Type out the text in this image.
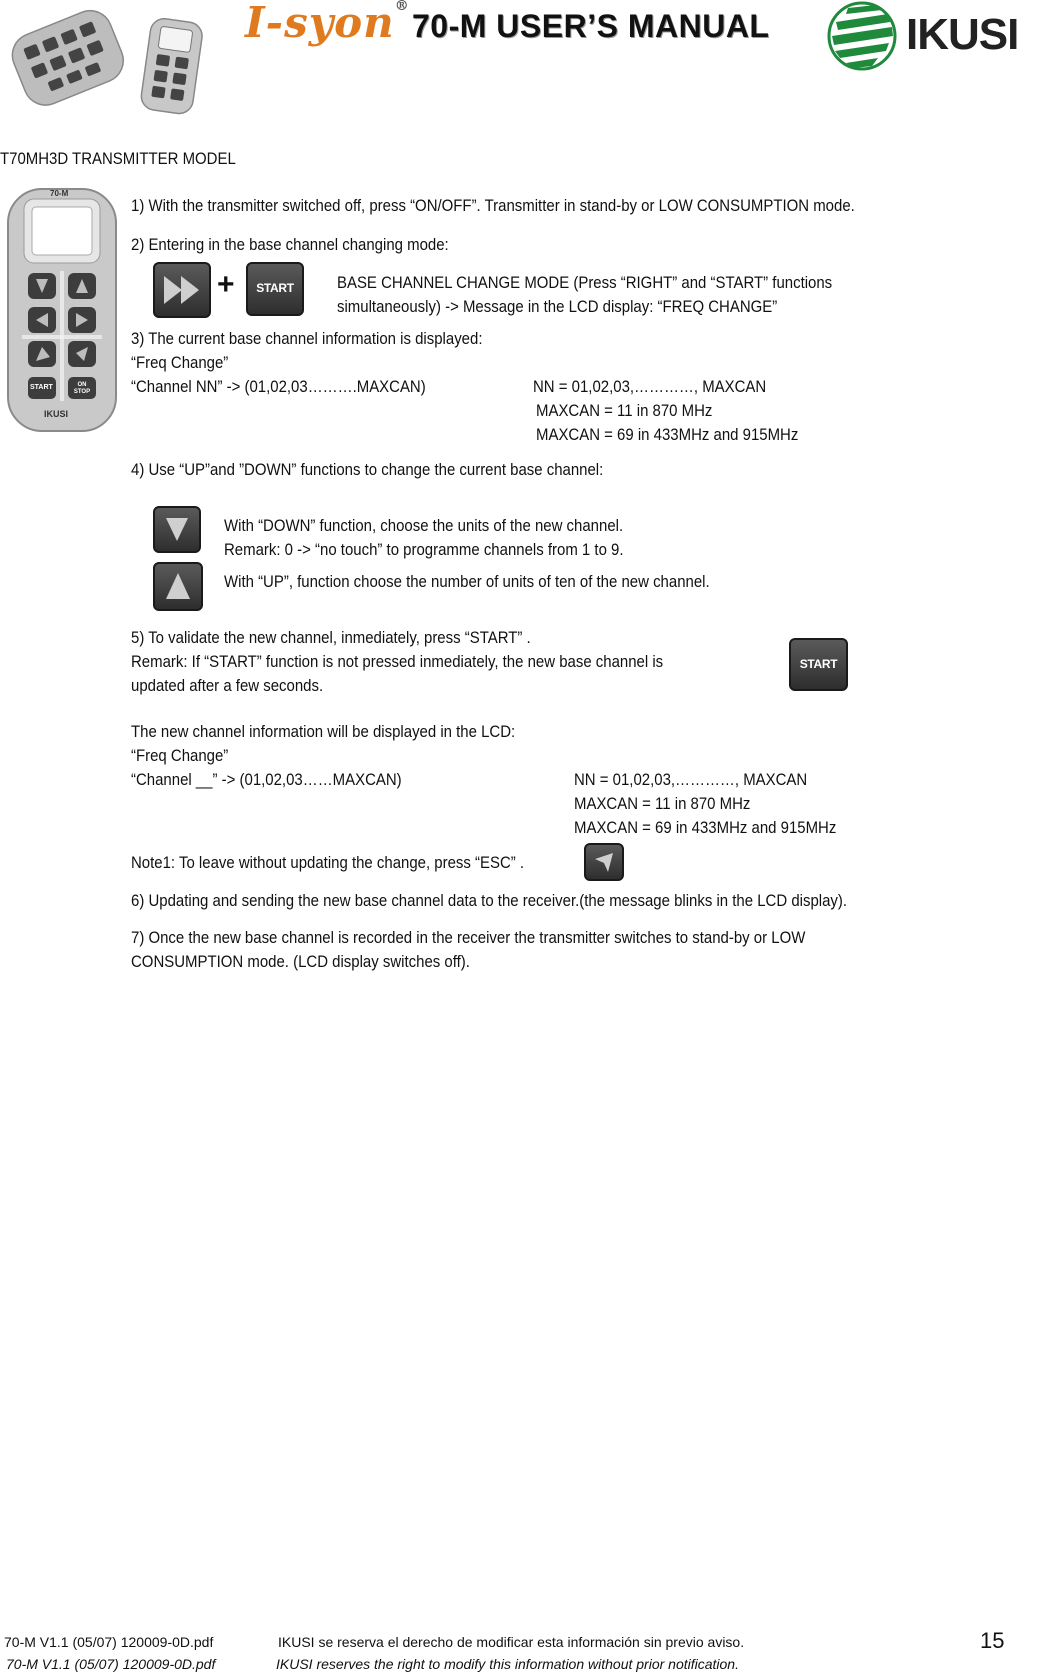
I-syon®
70-M USER’S MANUAL	IKUSI
T70MH3D TRANSMITTER MODEL
70-M
START	ON STOP
IKUSI
1) With the transmitter switched off, press “ON/OFF”. Transmitter in stand-by or LOW CONSUMPTION mode.
2) Entering in the base channel changing mode:
+	START	BASE CHANNEL CHANGE MODE (Press “RIGHT” and “START” functions
simultaneously) -> Message in the LCD display: “FREQ CHANGE”
3) The current base channel information is displayed:
“Freq Change”
“Channel NN” -> (01,02,03……….MAXCAN)	NN = 01,02,03,…………, MAXCAN
MAXCAN = 11 in 870 MHz
MAXCAN = 69 in 433MHz and 915MHz
4) Use “UP”and ”DOWN” functions to change the current base channel:
With “DOWN” function, choose the units of the new channel.
Remark: 0 -> “no touch” to programme channels from 1 to 9.
With “UP”, function choose the number of units of ten of the new channel.
5) To validate the new channel, inmediately, press “START” .
Remark: If “START” function is not pressed inmediately, the new base channel is
updated after a few seconds.
START
The new channel information will be displayed in the LCD:
“Freq Change”
“Channel __” -> (01,02,03……MAXCAN)	NN = 01,02,03,…………, MAXCAN
MAXCAN = 11 in 870 MHz
MAXCAN = 69 in 433MHz and 915MHz
Note1: To leave without updating the change, press “ESC” .
6) Updating and sending the new base channel data to the receiver.(the message blinks in the LCD display).
7) Once the new base channel is recorded in the receiver the transmitter switches to stand-by or LOW
CONSUMPTION mode. (LCD display switches off).
70-M V1.1 (05/07) 120009-0D.pdf	IKUSI se reserva el derecho de modificar esta información sin previo aviso.	15
70-M V1.1 (05/07) 120009-0D.pdf	IKUSI reserves the right to modify this information without prior notification.
